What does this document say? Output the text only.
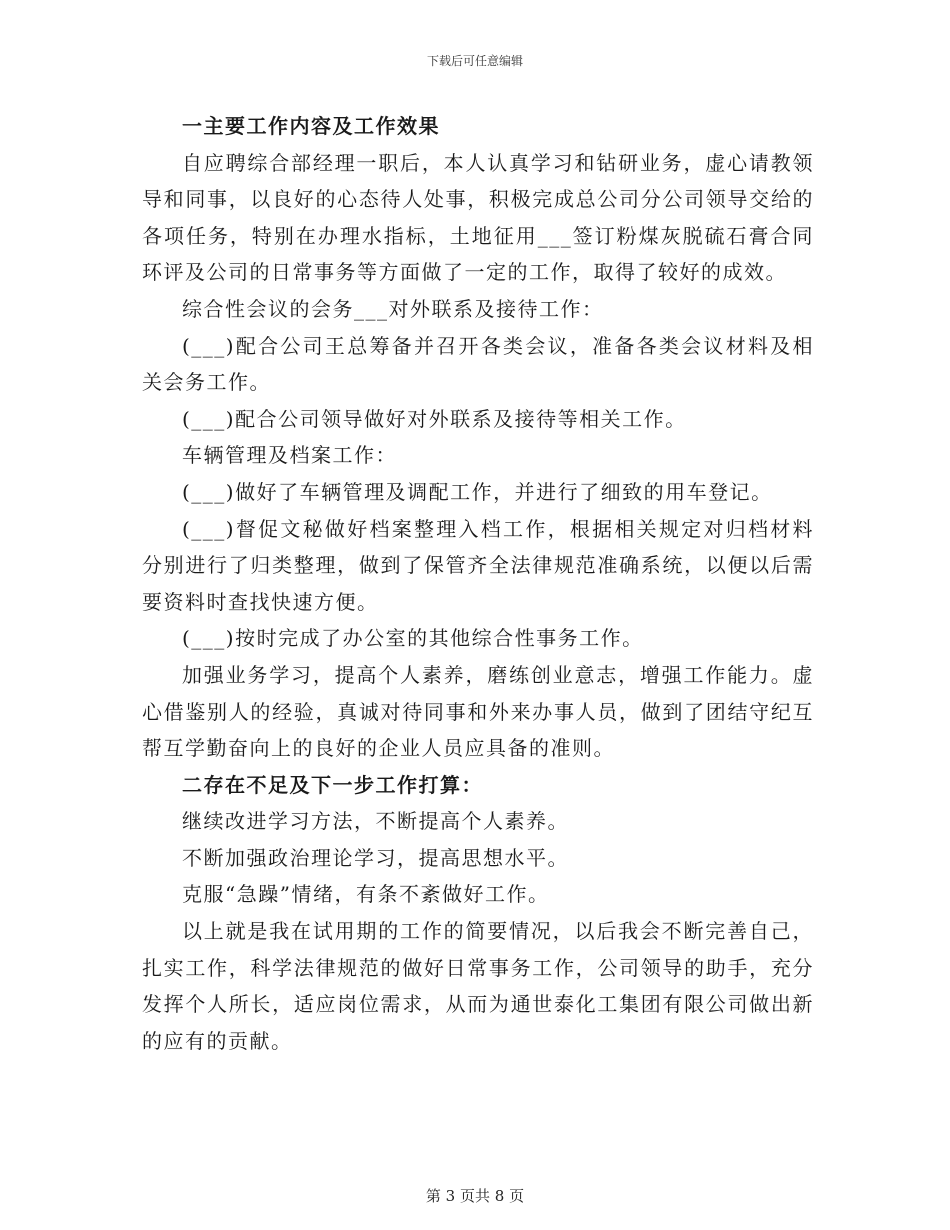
下载后可任意编辑

一主要工作内容及工作效果

自应聘综合部经理一职后，本人认真学习和钻研业务，虚心请教领导和同事，以良好的心态待人处事，积极完成总公司分公司领导交给的各项任务，特别在办理水指标，土地征用___签订粉煤灰脱硫石膏合同环评及公司的日常事务等方面做了一定的工作，取得了较好的成效。

综合性会议的会务___对外联系及接待工作：

(___)配合公司王总筹备并召开各类会议，准备各类会议材料及相关会务工作。

(___)配合公司领导做好对外联系及接待等相关工作。

车辆管理及档案工作：

(___)做好了车辆管理及调配工作，并进行了细致的用车登记。

(___)督促文秘做好档案整理入档工作，根据相关规定对归档材料分别进行了归类整理，做到了保管齐全法律规范准确系统，以便以后需要资料时查找快速方便。

(___)按时完成了办公室的其他综合性事务工作。

加强业务学习，提高个人素养，磨练创业意志，增强工作能力。虚心借鉴别人的经验，真诚对待同事和外来办事人员，做到了团结守纪互帮互学勤奋向上的良好的企业人员应具备的准则。

二存在不足及下一步工作打算：

继续改进学习方法，不断提高个人素养。

不断加强政治理论学习，提高思想水平。

克服“急躁”情绪，有条不紊做好工作。

以上就是我在试用期的工作的简要情况，以后我会不断完善自己，扎实工作，科学法律规范的做好日常事务工作，公司领导的助手，充分发挥个人所长，适应岗位需求，从而为通世泰化工集团有限公司做出新的应有的贡献。

第 3 页共 8 页
